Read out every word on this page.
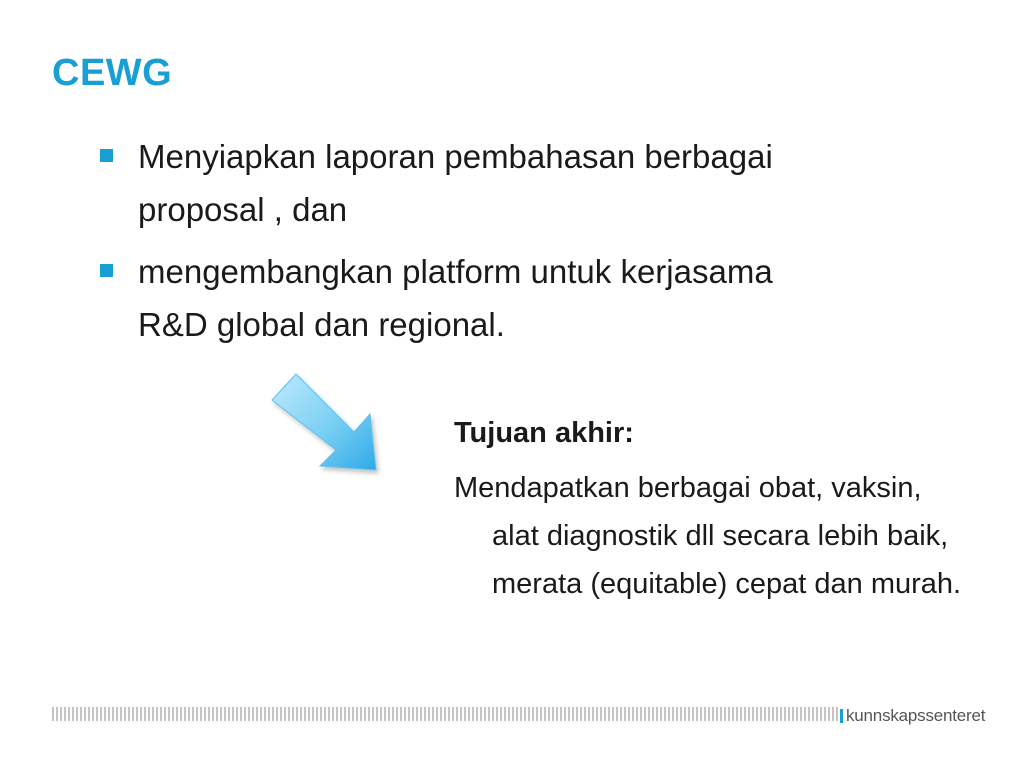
CEWG
Menyiapkan laporan pembahasan berbagai proposal , dan
mengembangkan platform untuk kerjasama R&D global dan regional.
Tujuan akhir:
Mendapatkan berbagai obat, vaksin, alat diagnostik dll secara lebih baik, merata (equitable) cepat dan murah.
kunnskapssenteret
